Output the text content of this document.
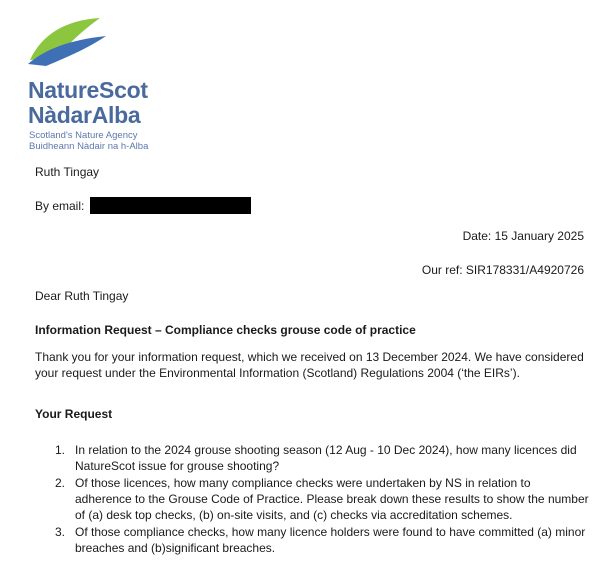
NatureScot
NàdarAlba
Scotland's Nature Agency
Buidheann Nàdair na h-Alba
Ruth Tingay
By email:
Date: 15 January 2025
Our ref: SIR178331/A4920726
Dear Ruth Tingay
Information Request – Compliance checks grouse code of practice
Thank you for your information request, which we received on 13 December 2024. We have considered your request under the Environmental Information (Scotland) Regulations 2004 (‘the EIRs’).
Your Request
1. In relation to the 2024 grouse shooting season (12 Aug - 10 Dec 2024), how many licences did NatureScot issue for grouse shooting?
2. Of those licences, how many compliance checks were undertaken by NS in relation to adherence to the Grouse Code of Practice. Please break down these results to show the number of (a) desk top checks, (b) on-site visits, and (c) checks via accreditation schemes.
3. Of those compliance checks, how many licence holders were found to have committed (a) minor breaches and (b)significant breaches.
